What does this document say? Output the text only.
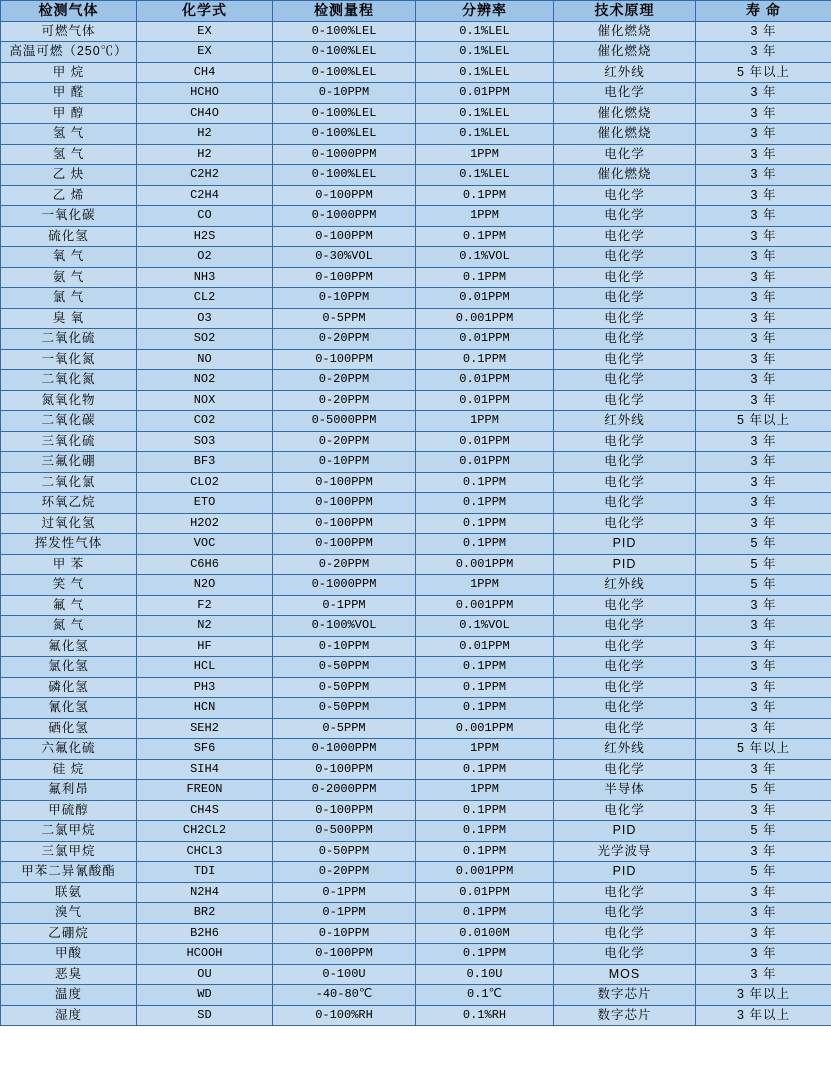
检测气体	化学式	检测量程	分辨率	技术原理	寿 命
可燃气体	EX	0-100%LEL	0.1%LEL	催化燃烧	3 年
高温可燃（250℃）	EX	0-100%LEL	0.1%LEL	催化燃烧	3 年
甲 烷	CH4	0-100%LEL	0.1%LEL	红外线	5 年以上
甲 醛	HCHO	0-10PPM	0.01PPM	电化学	3 年
甲 醇	CH4O	0-100%LEL	0.1%LEL	催化燃烧	3 年
氢 气	H2	0-100%LEL	0.1%LEL	催化燃烧	3 年
氢 气	H2	0-1000PPM	1PPM	电化学	3 年
乙 炔	C2H2	0-100%LEL	0.1%LEL	催化燃烧	3 年
乙 烯	C2H4	0-100PPM	0.1PPM	电化学	3 年
一氧化碳	CO	0-1000PPM	1PPM	电化学	3 年
硫化氢	H2S	0-100PPM	0.1PPM	电化学	3 年
氧 气	O2	0-30%VOL	0.1%VOL	电化学	3 年
氨 气	NH3	0-100PPM	0.1PPM	电化学	3 年
氯 气	CL2	0-10PPM	0.01PPM	电化学	3 年
臭 氧	O3	0-5PPM	0.001PPM	电化学	3 年
二氧化硫	SO2	0-20PPM	0.01PPM	电化学	3 年
一氧化氮	NO	0-100PPM	0.1PPM	电化学	3 年
二氧化氮	NO2	0-20PPM	0.01PPM	电化学	3 年
氮氧化物	NOX	0-20PPM	0.01PPM	电化学	3 年
二氧化碳	CO2	0-5000PPM	1PPM	红外线	5 年以上
三氧化硫	SO3	0-20PPM	0.01PPM	电化学	3 年
三氟化硼	BF3	0-10PPM	0.01PPM	电化学	3 年
二氧化氯	CLO2	0-100PPM	0.1PPM	电化学	3 年
环氧乙烷	ETO	0-100PPM	0.1PPM	电化学	3 年
过氧化氢	H2O2	0-100PPM	0.1PPM	电化学	3 年
挥发性气体	VOC	0-100PPM	0.1PPM	PID	5 年
甲 苯	C6H6	0-20PPM	0.001PPM	PID	5 年
笑 气	N2O	0-1000PPM	1PPM	红外线	5 年
氟 气	F2	0-1PPM	0.001PPM	电化学	3 年
氮 气	N2	0-100%VOL	0.1%VOL	电化学	3 年
氟化氢	HF	0-10PPM	0.01PPM	电化学	3 年
氯化氢	HCL	0-50PPM	0.1PPM	电化学	3 年
磷化氢	PH3	0-50PPM	0.1PPM	电化学	3 年
氰化氢	HCN	0-50PPM	0.1PPM	电化学	3 年
硒化氢	SEH2	0-5PPM	0.001PPM	电化学	3 年
六氟化硫	SF6	0-1000PPM	1PPM	红外线	5 年以上
硅 烷	SIH4	0-100PPM	0.1PPM	电化学	3 年
氟利昂	FREON	0-2000PPM	1PPM	半导体	5 年
甲硫醇	CH4S	0-100PPM	0.1PPM	电化学	3 年
二氯甲烷	CH2CL2	0-500PPM	0.1PPM	PID	5 年
三氯甲烷	CHCL3	0-50PPM	0.1PPM	光学波导	3 年
甲苯二异氰酸酯	TDI	0-20PPM	0.001PPM	PID	5 年
联氨	N2H4	0-1PPM	0.01PPM	电化学	3 年
溴气	BR2	0-1PPM	0.1PPM	电化学	3 年
乙硼烷	B2H6	0-10PPM	0.0100M	电化学	3 年
甲酸	HCOOH	0-100PPM	0.1PPM	电化学	3 年
恶臭	OU	0-100U	0.10U	MOS	3 年
温度	WD	-40-80℃	0.1℃	数字芯片	3 年以上
湿度	SD	0-100%RH	0.1%RH	数字芯片	3 年以上
